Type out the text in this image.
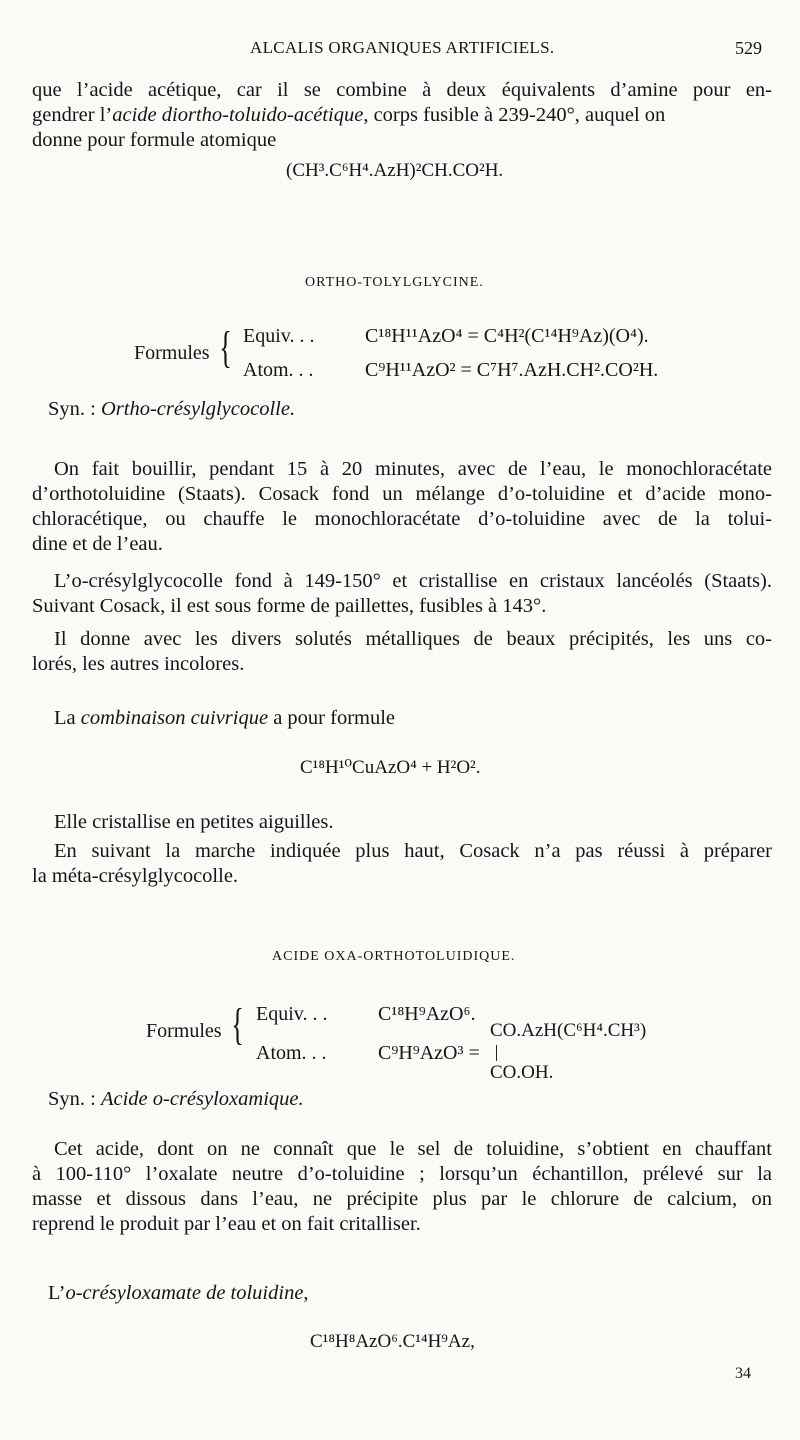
ALCALIS ORGANIQUES ARTIFICIELS.	529
que l’acide acétique, car il se combine à deux équivalents d’amine pour en-
gendrer l’acide diortho-toluido-acétique, corps fusible à 239-240°, auquel on
donne pour formule atomique
(CH³.C⁶H⁴.AzH)²CH.CO²H.
ORTHO-TOLYLGLYCINE.
Formules { Equiv. . .	C¹⁸H¹¹AzO⁴ = C⁴H²(C¹⁴H⁹Az)(O⁴).
Atom. . .	C⁹H¹¹AzO² = C⁷H⁷.AzH.CH².CO²H.
Syn. : Ortho-crésylglycocolle.
On fait bouillir, pendant 15 à 20 minutes, avec de l’eau, le monochloracétate
d’orthotoluidine (Staats). Cosack fond un mélange d’o-toluidine et d’acide mono-
chloracétique, ou chauffe le monochloracétate d’o-toluidine avec de la tolui-
dine et de l’eau.
L’o-crésylglycocolle fond à 149-150° et cristallise en cristaux lancéolés (Staats).
Suivant Cosack, il est sous forme de paillettes, fusibles à 143°.
Il donne avec les divers solutés métalliques de beaux précipités, les uns co-
lorés, les autres incolores.
La combinaison cuivrique a pour formule
C¹⁸H¹⁰CuAzO⁴ + H²O².
Elle cristallise en petites aiguilles.
En suivant la marche indiquée plus haut, Cosack n’a pas réussi à préparer
la méta-crésylglycocolle.
ACIDE OXA-ORTHOTOLUIDIQUE.
Formules { Equiv. . .	C¹⁸H⁹AzO⁶.
CO.AzH(C⁶H⁴.CH³)
Atom. . .	C⁹H⁹AzO³ =
CO.OH.
Syn. : Acide o-crésyloxamique.
Cet acide, dont on ne connaît que le sel de toluidine, s’obtient en chauffant
à 100-110° l’oxalate neutre d’o-toluidine ; lorsqu’un échantillon, prélevé sur la
masse et dissous dans l’eau, ne précipite plus par le chlorure de calcium, on
reprend le produit par l’eau et on fait critalliser.
L’o-crésyloxamate de toluidine,
C¹⁸H⁸AzO⁶.C¹⁴H⁹Az,
34
